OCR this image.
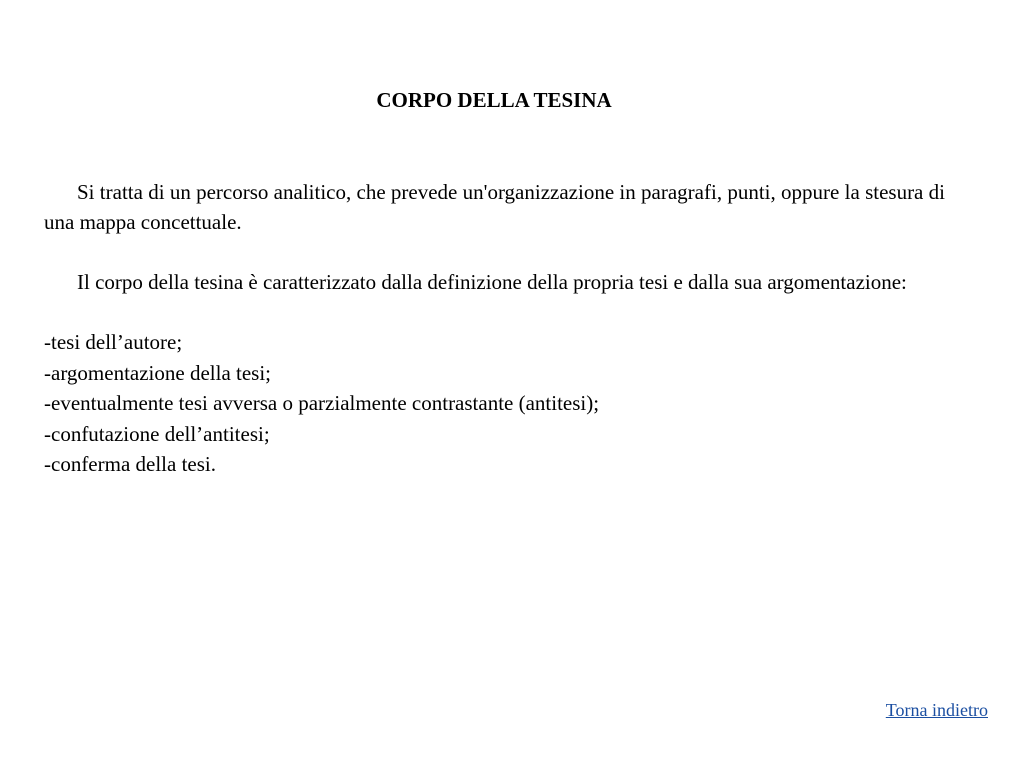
CORPO DELLA TESINA

Si tratta di un percorso analitico, che prevede un'organizzazione in paragrafi, punti, oppure la stesura di una mappa concettuale.

Il corpo della tesina è caratterizzato dalla definizione della propria tesi e dalla sua argomentazione:

-tesi dell’autore;
-argomentazione della tesi;
-eventualmente tesi avversa o parzialmente contrastante (antitesi);
-confutazione dell’antitesi;
-conferma della tesi.
Torna indietro
